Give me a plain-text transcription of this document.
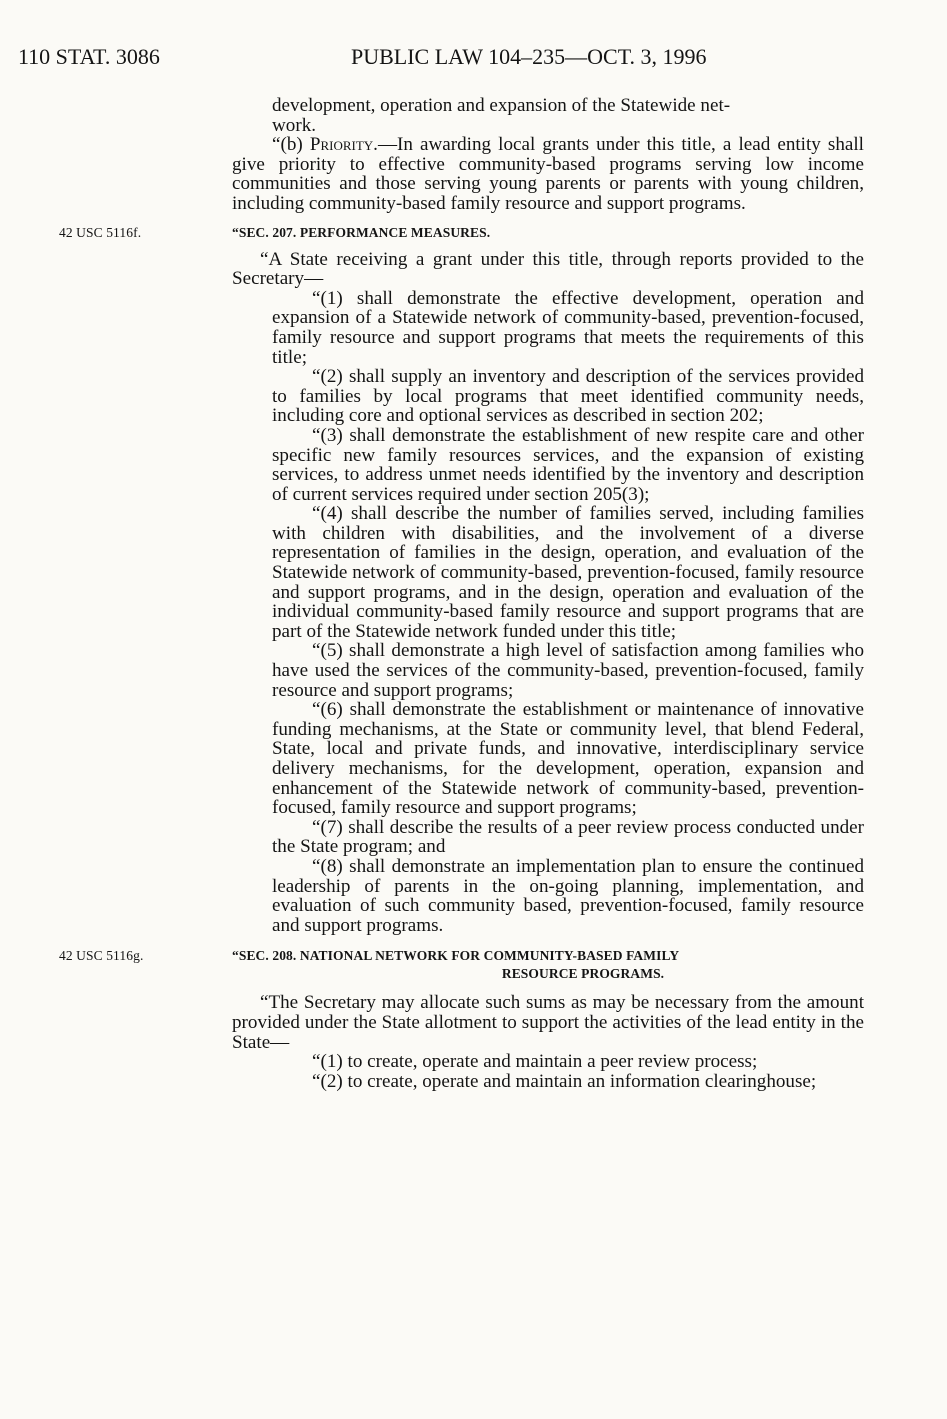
110 STAT. 3086	PUBLIC LAW 104–235—OCT. 3, 1996

development, operation and expansion of the Statewide net-
work.

“(b) Priority.—In awarding local grants under this title, a lead entity shall give priority to effective community-based programs serving low income communities and those serving young parents or parents with young children, including community-based family resource and support programs.

42 USC 5116f.	“SEC. 207. PERFORMANCE MEASURES.

“A State receiving a grant under this title, through reports provided to the Secretary—

“(1) shall demonstrate the effective development, operation and expansion of a Statewide network of community-based, prevention-focused, family resource and support programs that meets the requirements of this title;

“(2) shall supply an inventory and description of the services provided to families by local programs that meet identified community needs, including core and optional services as described in section 202;

“(3) shall demonstrate the establishment of new respite care and other specific new family resources services, and the expansion of existing services, to address unmet needs identified by the inventory and description of current services required under section 205(3);

“(4) shall describe the number of families served, including families with children with disabilities, and the involvement of a diverse representation of families in the design, operation, and evaluation of the Statewide network of community-based, prevention-focused, family resource and support programs, and in the design, operation and evaluation of the individual community-based family resource and support programs that are part of the Statewide network funded under this title;

“(5) shall demonstrate a high level of satisfaction among families who have used the services of the community-based, prevention-focused, family resource and support programs;

“(6) shall demonstrate the establishment or maintenance of innovative funding mechanisms, at the State or community level, that blend Federal, State, local and private funds, and innovative, interdisciplinary service delivery mechanisms, for the development, operation, expansion and enhancement of the Statewide network of community-based, prevention-focused, family resource and support programs;

“(7) shall describe the results of a peer review process conducted under the State program; and

“(8) shall demonstrate an implementation plan to ensure the continued leadership of parents in the on-going planning, implementation, and evaluation of such community based, prevention-focused, family resource and support programs.

42 USC 5116g.	“SEC. 208. NATIONAL NETWORK FOR COMMUNITY-BASED FAMILY

RESOURCE PROGRAMS.

“The Secretary may allocate such sums as may be necessary from the amount provided under the State allotment to support the activities of the lead entity in the State—

“(1) to create, operate and maintain a peer review process;

“(2) to create, operate and maintain an information clearinghouse;
